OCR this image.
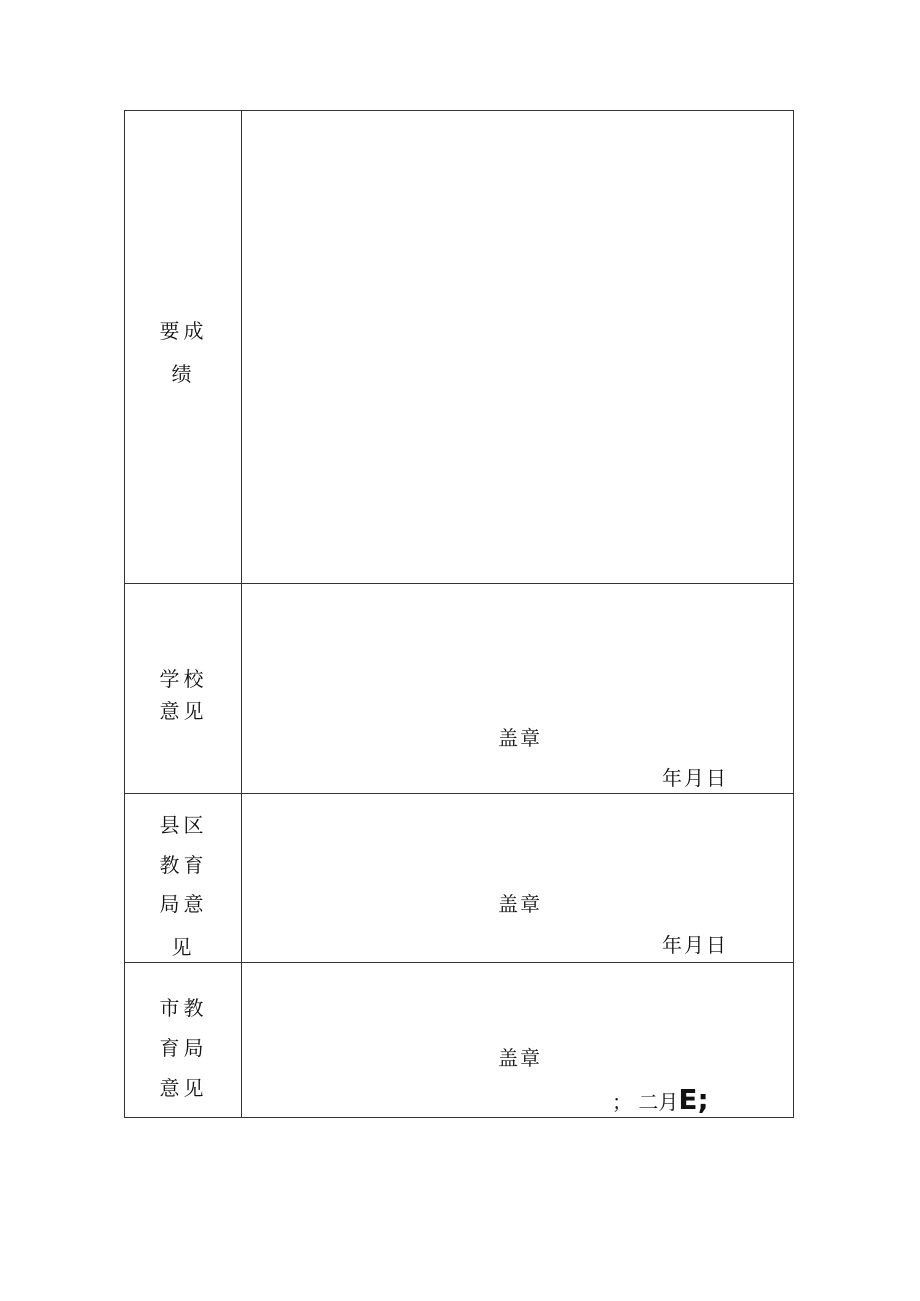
要成
绩
学校
意见
盖章
年月日
县区
教育
局意
见
盖章
年月日
市教
育局
意见
盖章
； 二月E;
